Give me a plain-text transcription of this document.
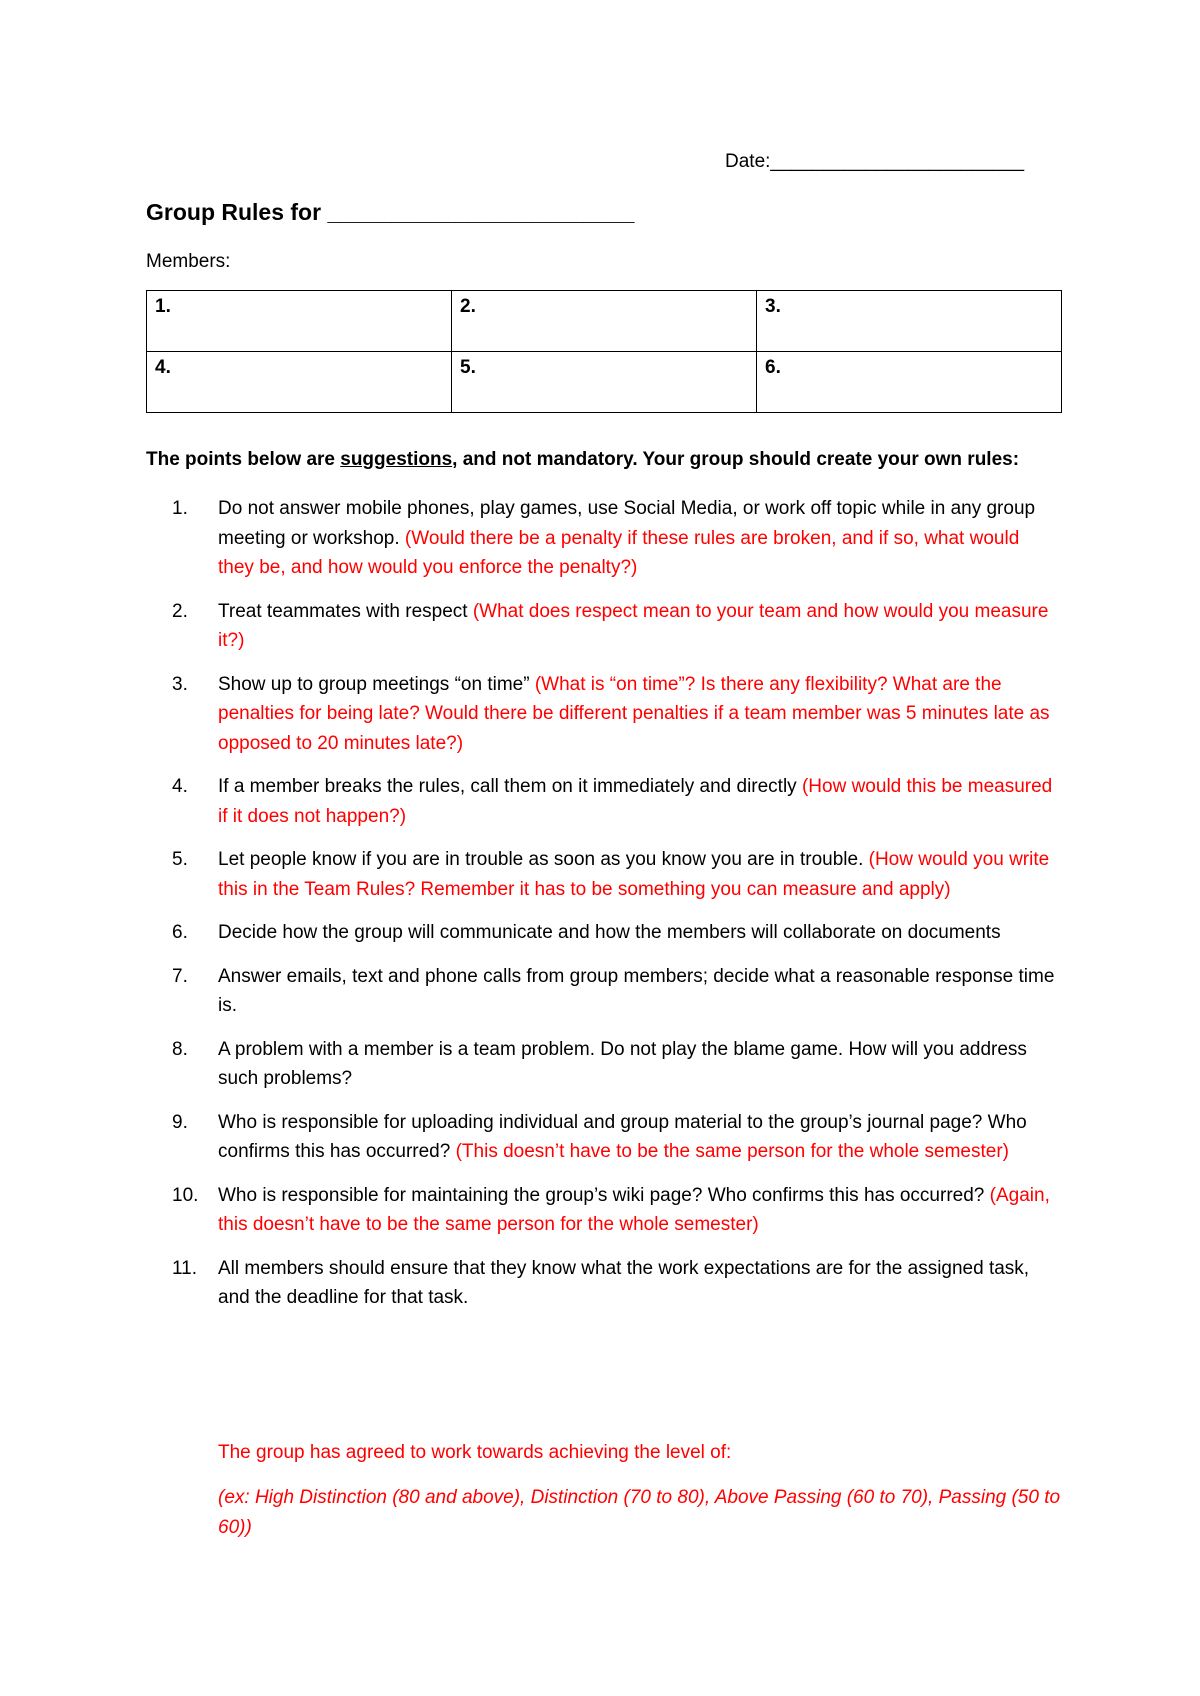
Date:________________________
Group Rules for ________________________
Members:
1.	2.	3.
4.	5.	6.
The points below are suggestions, and not mandatory. Your group should create your own rules:
1.	Do not answer mobile phones, play games, use Social Media, or work off topic while in any group meeting or workshop. (Would there be a penalty if these rules are broken, and if so, what would they be, and how would you enforce the penalty?)
2.	Treat teammates with respect (What does respect mean to your team and how would you measure it?)
3.	Show up to group meetings “on time” (What is “on time”? Is there any flexibility? What are the penalties for being late? Would there be different penalties if a team member was 5 minutes late as opposed to 20 minutes late?)
4.	If a member breaks the rules, call them on it immediately and directly (How would this be measured if it does not happen?)
5.	Let people know if you are in trouble as soon as you know you are in trouble. (How would you write this in the Team Rules? Remember it has to be something you can measure and apply)
6.	Decide how the group will communicate and how the members will collaborate on documents
7.	Answer emails, text and phone calls from group members; decide what a reasonable response time is.
8.	A problem with a member is a team problem. Do not play the blame game. How will you address such problems?
9.	Who is responsible for uploading individual and group material to the group’s journal page? Who confirms this has occurred? (This doesn’t have to be the same person for the whole semester)
10.	Who is responsible for maintaining the group’s wiki page? Who confirms this has occurred? (Again, this doesn’t have to be the same person for the whole semester)
11.	All members should ensure that they know what the work expectations are for the assigned task, and the deadline for that task.
The group has agreed to work towards achieving the level of:
(ex: High Distinction (80 and above), Distinction (70 to 80), Above Passing (60 to 70), Passing (50 to 60))
